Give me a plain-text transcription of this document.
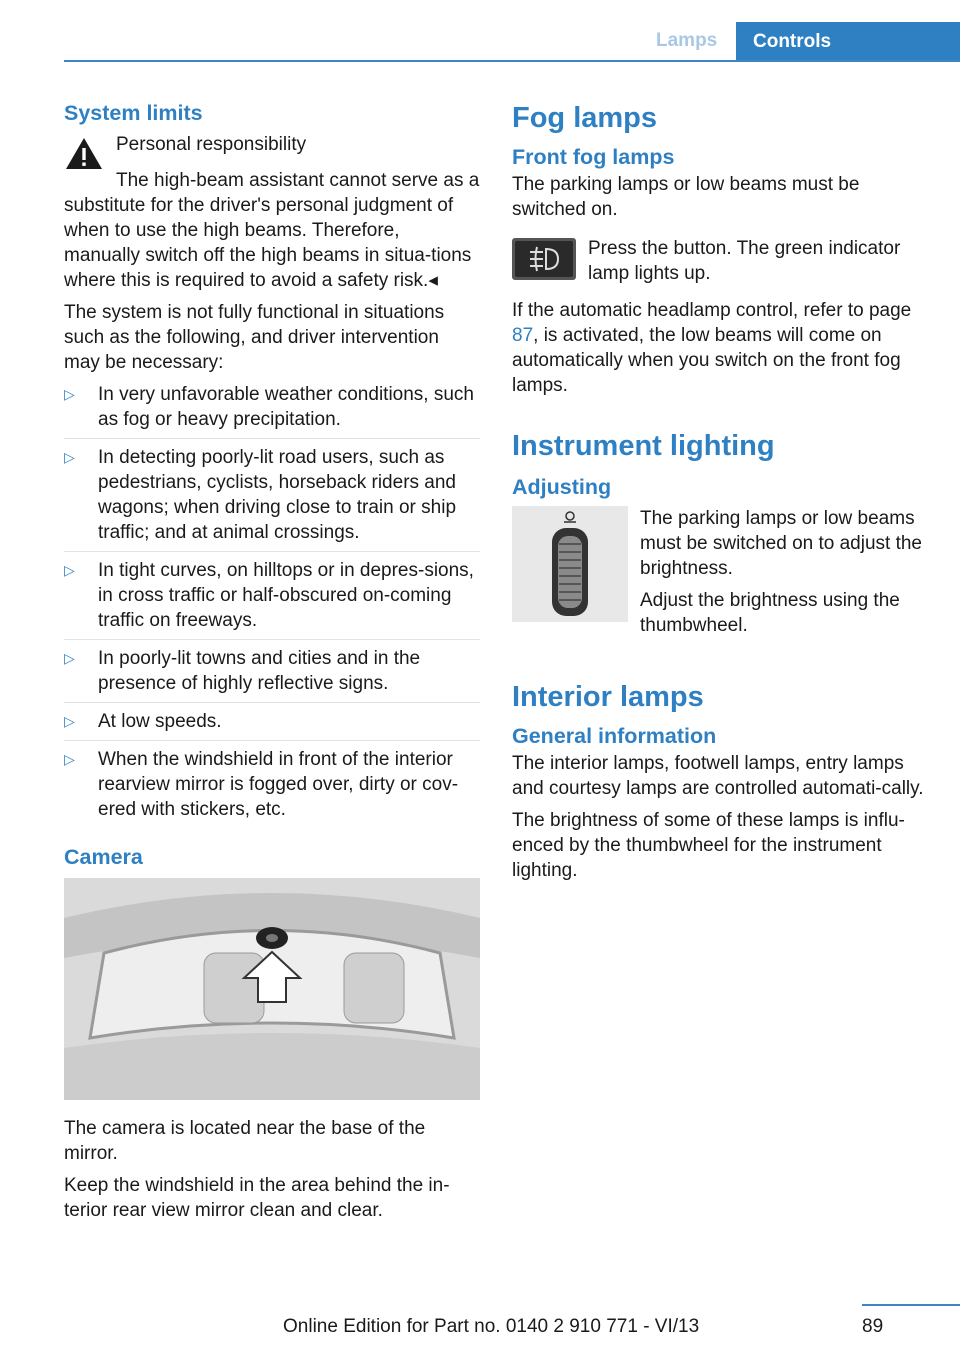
Lamps	Controls
System limits

Personal responsibility

The high-beam assistant cannot serve as a substitute for the driver's personal judgment of when to use the high beams. Therefore, manually switch off the high beams in situa-tions where this is required to avoid a safety risk.◂

The system is not fully functional in situations such as the following, and driver intervention may be necessary:

▷ In very unfavorable weather conditions, such as fog or heavy precipitation.
▷ In detecting poorly-lit road users, such as pedestrians, cyclists, horseback riders and wagons; when driving close to train or ship traffic; and at animal crossings.
▷ In tight curves, on hilltops or in depres-sions, in cross traffic or half-obscured on-coming traffic on freeways.
▷ In poorly-lit towns and cities and in the presence of highly reflective signs.
▷ At low speeds.
▷ When the windshield in front of the interior rearview mirror is fogged over, dirty or cov-ered with stickers, etc.
Camera

The camera is located near the base of the mirror.

Keep the windshield in the area behind the in-terior rear view mirror clean and clear.

Fog lamps
Front fog lamps

The parking lamps or low beams must be switched on.

Press the button. The green indicator lamp lights up.

If the automatic headlamp control, refer to page 87, is activated, the low beams will come on automatically when you switch on the front fog lamps.

Instrument lighting
Adjusting

The parking lamps or low beams must be switched on to adjust the brightness.

Adjust the brightness using the thumbwheel.

Interior lamps
General information

The interior lamps, footwell lamps, entry lamps and courtesy lamps are controlled automati-cally.

The brightness of some of these lamps is influ-enced by the thumbwheel for the instrument lighting.

89
Online Edition for Part no. 0140 2 910 771 - VI/13
